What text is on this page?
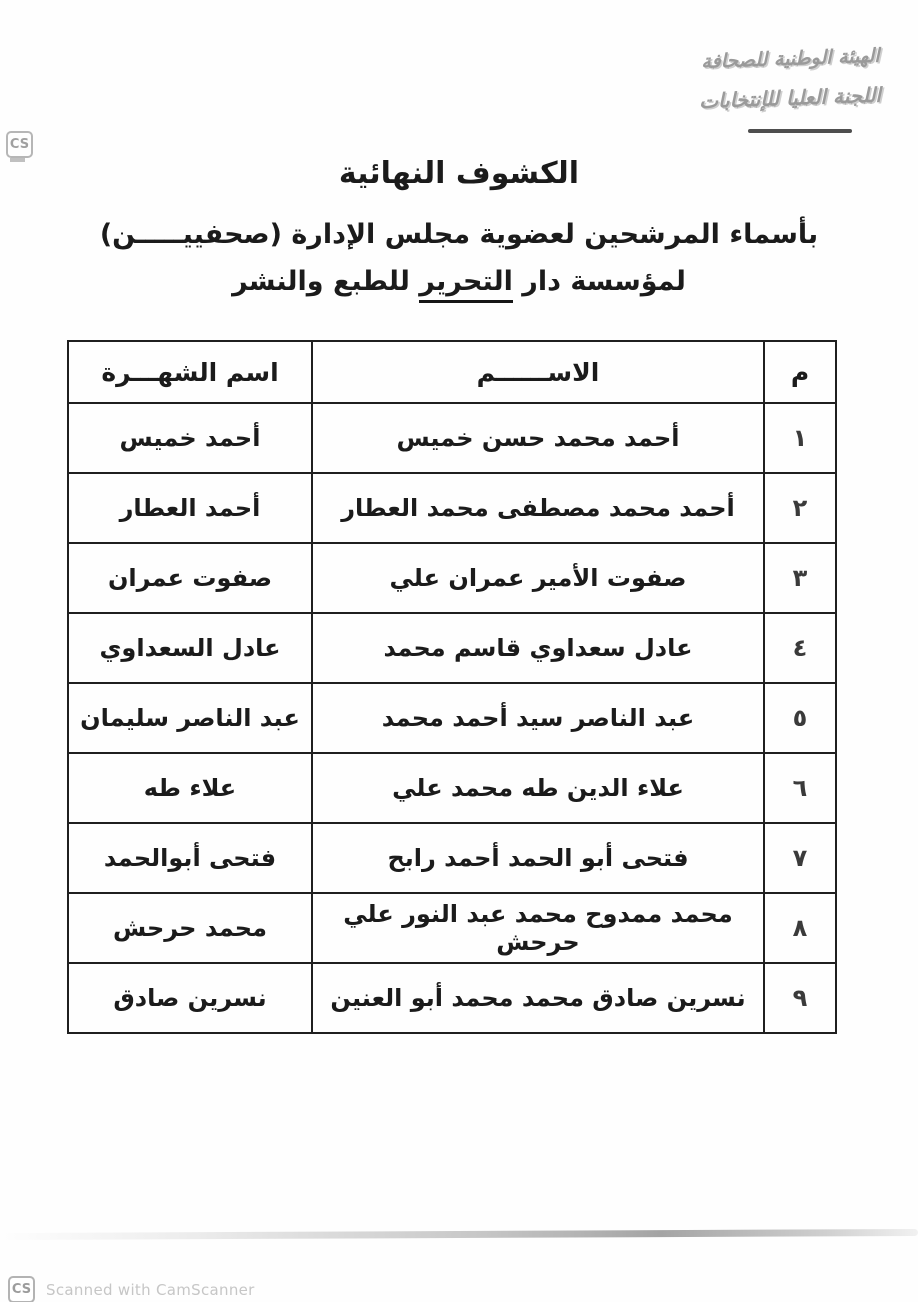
الهيئة الوطنية للصحافة
اللجنة العليا للإنتخابات
CS
الكشوف النهائية
بأسماء المرشحين لعضوية مجلس الإدارة (صحفييـــــن)
لمؤسسة دار التحرير للطبع والنشر
م	الاســــــم	اسم الشهـــرة
١	أحمد محمد حسن خميس	أحمد خميس
٢	أحمد محمد مصطفى محمد العطار	أحمد العطار
٣	صفوت الأمير عمران علي	صفوت عمران
٤	عادل سعداوي قاسم محمد	عادل السعداوي
٥	عبد الناصر سيد أحمد محمد	عبد الناصر سليمان
٦	علاء الدين طه محمد علي	علاء طه
٧	فتحى أبو الحمد أحمد رابح	فتحى أبوالحمد
٨	محمد ممدوح محمد عبد النور علي حرحش	محمد حرحش
٩	نسرين صادق محمد محمد أبو العنين	نسرين صادق
CS Scanned with CamScanner
